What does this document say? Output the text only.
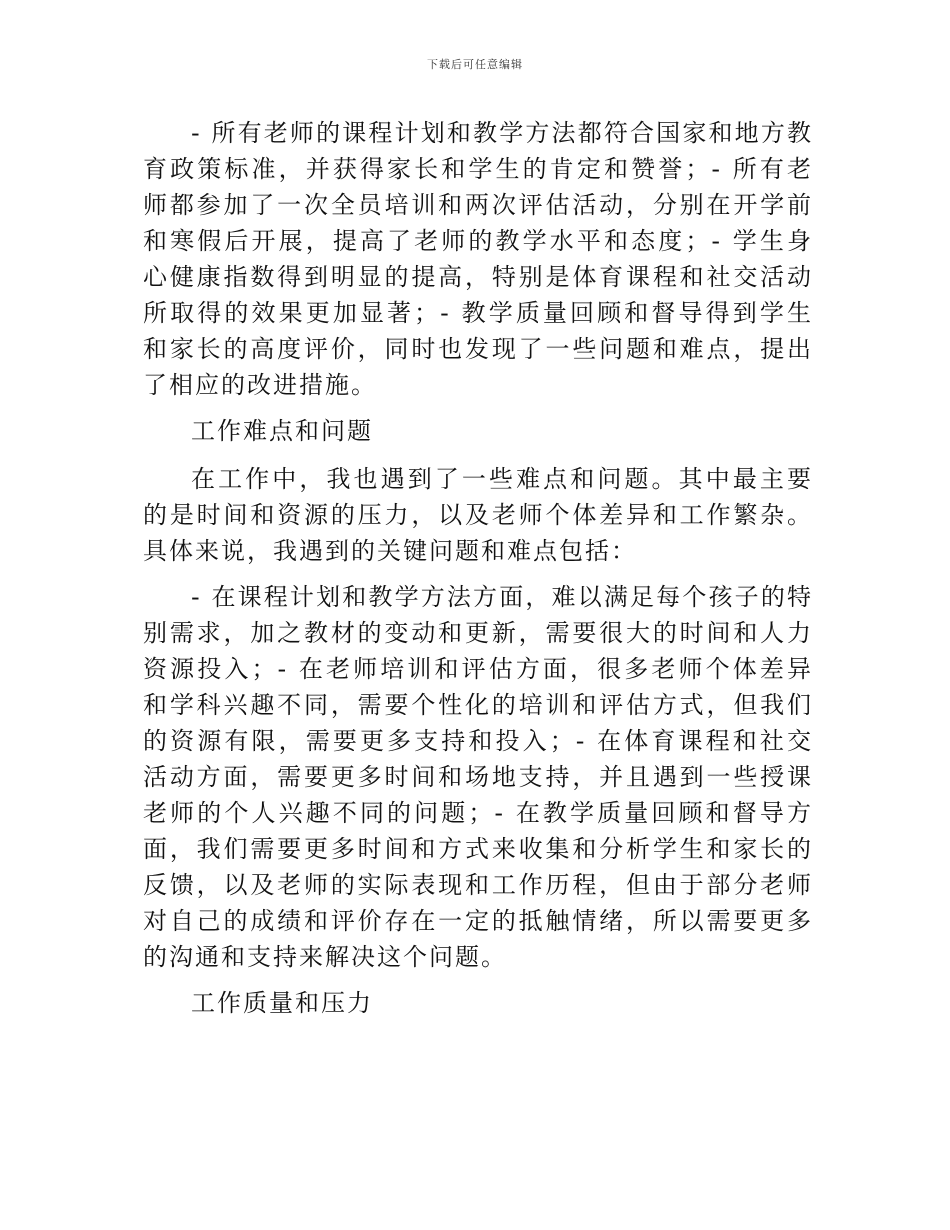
下载后可任意编辑

- 所有老师的课程计划和教学方法都符合国家和地方教育政策标准，并获得家长和学生的肯定和赞誉；- 所有老师都参加了一次全员培训和两次评估活动，分别在开学前和寒假后开展，提高了老师的教学水平和态度；- 学生身心健康指数得到明显的提高，特别是体育课程和社交活动所取得的效果更加显著；- 教学质量回顾和督导得到学生和家长的高度评价，同时也发现了一些问题和难点，提出了相应的改进措施。

工作难点和问题

在工作中，我也遇到了一些难点和问题。其中最主要的是时间和资源的压力，以及老师个体差异和工作繁杂。具体来说，我遇到的关键问题和难点包括：

- 在课程计划和教学方法方面，难以满足每个孩子的特别需求，加之教材的变动和更新，需要很大的时间和人力资源投入；- 在老师培训和评估方面，很多老师个体差异和学科兴趣不同，需要个性化的培训和评估方式，但我们的资源有限，需要更多支持和投入；- 在体育课程和社交活动方面，需要更多时间和场地支持，并且遇到一些授课老师的个人兴趣不同的问题；- 在教学质量回顾和督导方面，我们需要更多时间和方式来收集和分析学生和家长的反馈，以及老师的实际表现和工作历程，但由于部分老师对自己的成绩和评价存在一定的抵触情绪，所以需要更多的沟通和支持来解决这个问题。

工作质量和压力
